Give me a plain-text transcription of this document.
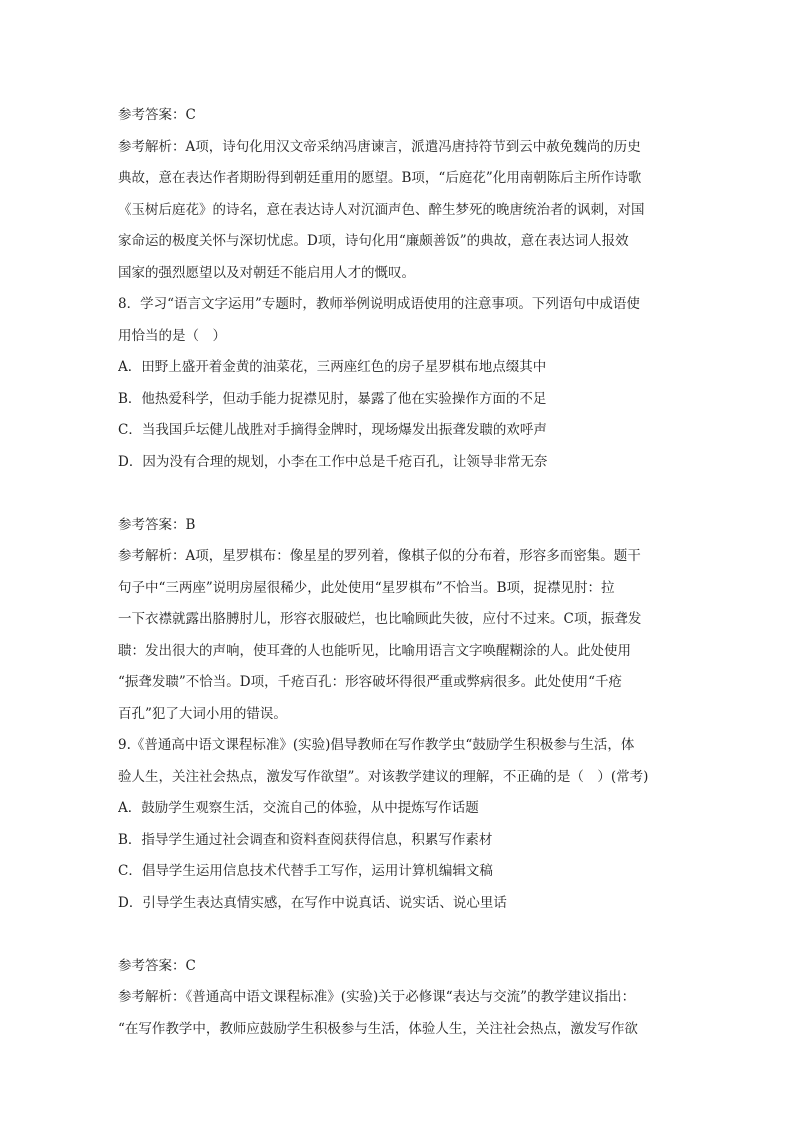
参考答案：C
参考解析：A项，诗句化用汉文帝采纳冯唐谏言，派遣冯唐持符节到云中赦免魏尚的历史
典故，意在表达作者期盼得到朝廷重用的愿望。B项，“后庭花”化用南朝陈后主所作诗歌
《玉树后庭花》的诗名，意在表达诗人对沉湎声色、醉生梦死的晚唐统治者的讽刺，对国
家命运的极度关怀与深切忧虑。D项，诗句化用“廉颇善饭”的典故，意在表达词人报效
国家的强烈愿望以及对朝廷不能启用人才的慨叹。
8．学习“语言文字运用”专题时，教师举例说明成语使用的注意事项。下列语句中成语使
用恰当的是（　）
A．田野上盛开着金黄的油菜花，三两座红色的房子星罗棋布地点缀其中
B．他热爱科学，但动手能力捉襟见肘，暴露了他在实验操作方面的不足
C．当我国乒坛健儿战胜对手摘得金牌时，现场爆发出振聋发聩的欢呼声
D．因为没有合理的规划，小李在工作中总是千疮百孔，让领导非常无奈
参考答案：B
参考解析：A项，星罗棋布：像星星的罗列着，像棋子似的分布着，形容多而密集。题干
句子中“三两座”说明房屋很稀少，此处使用“星罗棋布”不恰当。B项，捉襟见肘：拉
一下衣襟就露出胳膊肘儿，形容衣服破烂，也比喻顾此失彼，应付不过来。C项，振聋发
聩：发出很大的声响，使耳聋的人也能听见，比喻用语言文字唤醒糊涂的人。此处使用
“振聋发聩”不恰当。D项，千疮百孔：形容破坏得很严重或弊病很多。此处使用“千疮
百孔”犯了大词小用的错误。
9.《普通高中语文课程标准》(实验)倡导教师在写作教学虫“鼓励学生积极参与生活，体
验人生，关注社会热点，激发写作欲望”。对该教学建议的理解，不正确的是（　）(常考)
A．鼓励学生观察生活，交流自己的体验，从中提炼写作话题
B．指导学生通过社会调查和资料查阅获得信息，积累写作素材
C．倡导学生运用信息技术代替手工写作，运用计算机编辑文稿
D．引导学生表达真情实感，在写作中说真话、说实话、说心里话
参考答案：C
参考解析：《普通高中语文课程标准》(实验)关于必修课“表达与交流”的教学建议指出：
“在写作教学中，教师应鼓励学生积极参与生活，体验人生，关注社会热点，激发写作欲
